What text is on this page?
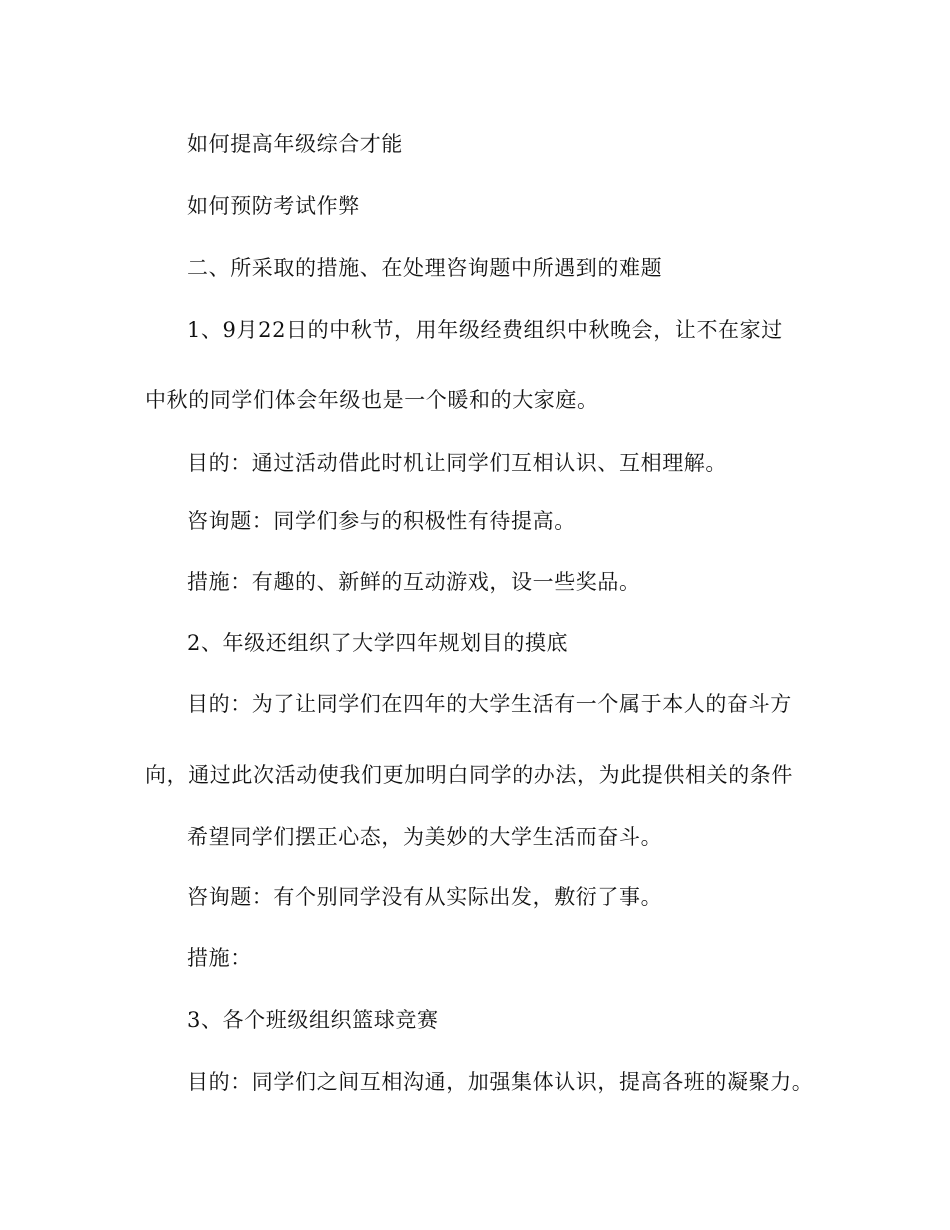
如何提高年级综合才能
如何预防考试作弊
二、所采取的措施、在处理咨询题中所遇到的难题
1、9月22日的中秋节，用年级经费组织中秋晚会，让不在家过
中秋的同学们体会年级也是一个暖和的大家庭。
目的：通过活动借此时机让同学们互相认识、互相理解。
咨询题：同学们参与的积极性有待提高。
措施：有趣的、新鲜的互动游戏，设一些奖品。
2、年级还组织了大学四年规划目的摸底
目的：为了让同学们在四年的大学生活有一个属于本人的奋斗方
向，通过此次活动使我们更加明白同学的办法，为此提供相关的条件
希望同学们摆正心态，为美妙的大学生活而奋斗。
咨询题：有个别同学没有从实际出发，敷衍了事。
措施：
3、各个班级组织篮球竞赛
目的：同学们之间互相沟通，加强集体认识，提高各班的凝聚力。
